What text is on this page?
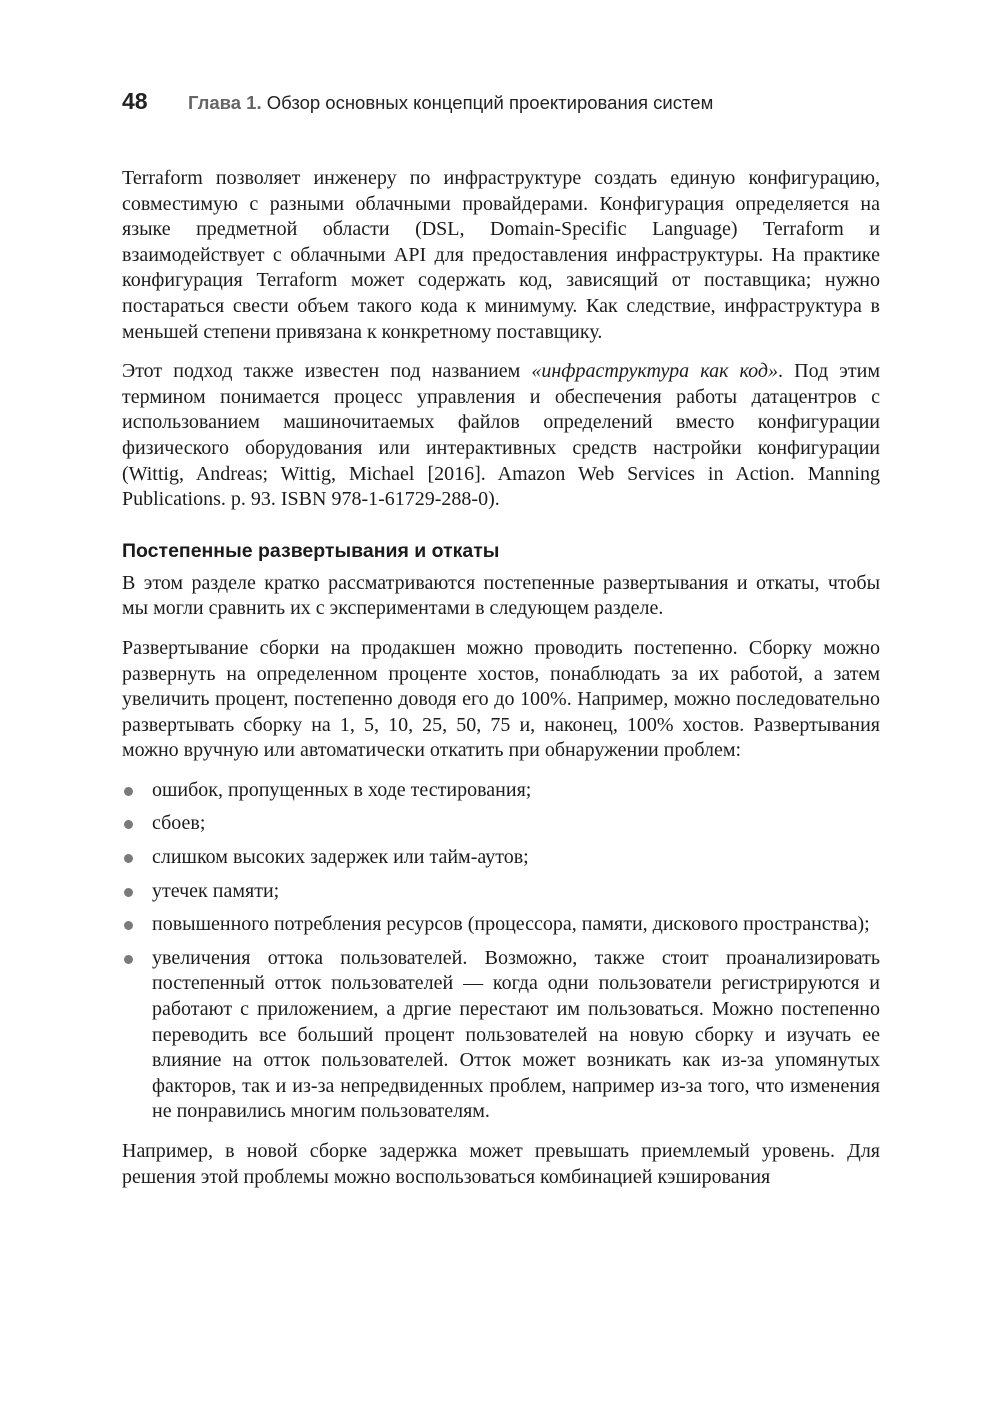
48	Глава 1. Обзор основных концепций проектирования систем

Terraform позволяет инженеру по инфраструктуре создать единую конфигурацию, совместимую с разными облачными провайдерами. Конфигурация определяется на языке предметной области (DSL, Domain-Specific Language) Terraform и взаимодействует с облачными API для предоставления инфраструктуры. На практике конфигурация Terraform может содержать код, зависящий от поставщика; нужно постараться свести объем такого кода к минимуму. Как следствие, инфраструктура в меньшей степени привязана к конкретному поставщику.

Этот подход также известен под названием «инфраструктура как код». Под этим термином понимается процесс управления и обеспечения работы датацентров с использованием машиночитаемых файлов определений вместо конфигурации физического оборудования или интерактивных средств настройки конфигурации (Wittig, Andreas; Wittig, Michael [2016]. Amazon Web Services in Action. Manning Publications. p. 93. ISBN 978-1-61729-288-0).

Постепенные развертывания и откаты

В этом разделе кратко рассматриваются постепенные развертывания и откаты, чтобы мы могли сравнить их с экспериментами в следующем разделе.

Развертывание сборки на продакшен можно проводить постепенно. Сборку можно развернуть на определенном проценте хостов, понаблюдать за их работой, а затем увеличить процент, постепенно доводя его до 100%. Например, можно последовательно развертывать сборку на 1, 5, 10, 25, 50, 75 и, наконец, 100% хостов. Развертывания можно вручную или автоматически откатить при обнаружении проблем:

ошибок, пропущенных в ходе тестирования;
сбоев;
слишком высоких задержек или тайм-аутов;
утечек памяти;
повышенного потребления ресурсов (процессора, памяти, дискового пространства);
увеличения оттока пользователей. Возможно, также стоит проанализировать постепенный отток пользователей — когда одни пользователи регистрируются и работают с приложением, а дргие перестают им пользоваться. Можно постепенно переводить все больший процент пользователей на новую сборку и изучать ее влияние на отток пользователей. Отток может возникать как из-за упомянутых факторов, так и из-за непредвиденных проблем, например из-за того, что изменения не понравились многим пользователям.

Например, в новой сборке задержка может превышать приемлемый уровень. Для решения этой проблемы можно воспользоваться комбинацией кэширования
